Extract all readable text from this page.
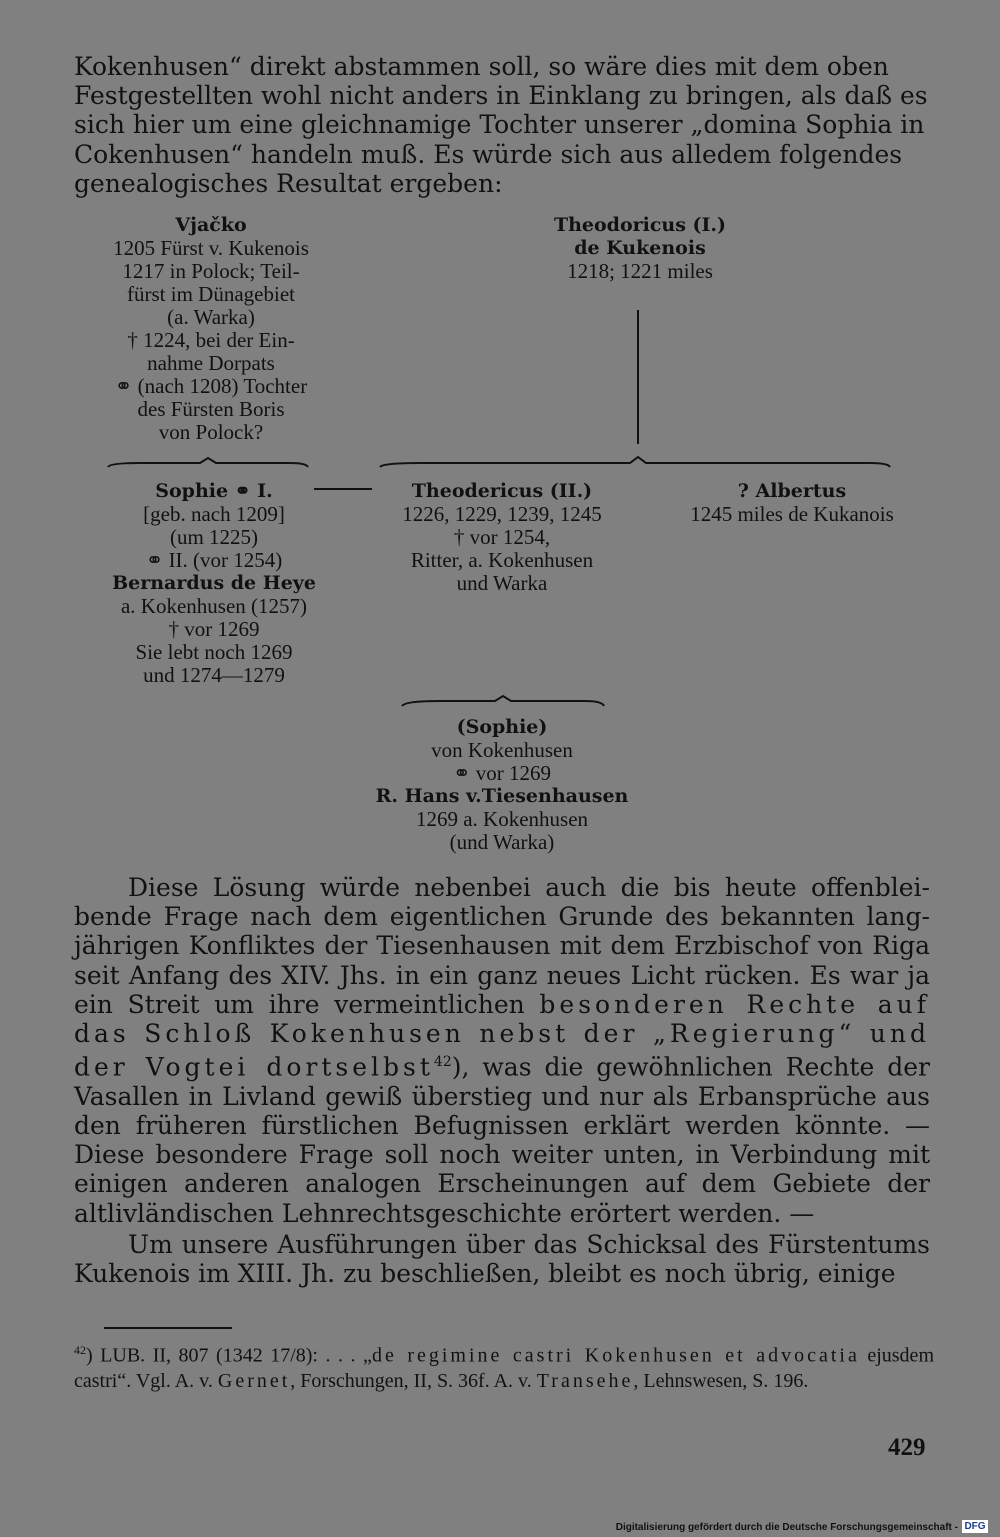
Kokenhusen“ direkt abstammen soll, so wäre dies mit dem oben
Festgestellten wohl nicht anders in Einklang zu bringen, als daß es
sich hier um eine gleichnamige Tochter unserer „domina Sophia in
Cokenhusen“ handeln muß. Es würde sich aus alledem folgendes
genealogisches Resultat ergeben:
Vjačko
1205 Fürst v. Kukenois
1217 in Polock; Teil-
fürst im Dünagebiet
(a. Warka)
† 1224, bei der Ein-
nahme Dorpats
⚭ (nach 1208) Tochter
des Fürsten Boris
von Polock?
Theodoricus (I.)
de Kukenois
1218; 1221 miles
Sophie ⚭ I.
[geb. nach 1209]
(um 1225)
⚭ II. (vor 1254)
Bernardus de Heye
a. Kokenhusen (1257)
† vor 1269
Sie lebt noch 1269
und 1274—1279
Theodericus (II.)
1226, 1229, 1239, 1245
† vor 1254,
Ritter, a. Kokenhusen
und Warka
? Albertus
1245 miles de Kukanois
(Sophie)
von Kokenhusen
⚭ vor 1269
R. Hans v.Tiesenhausen
1269 a. Kokenhusen
(und Warka)

Diese Lösung würde nebenbei auch die bis heute offenbleibende Frage nach dem eigentlichen Grunde des bekannten langjährigen Konfliktes der Tiesenhausen mit dem Erzbischof von Riga seit Anfang des XIV. Jhs. in ein ganz neues Licht rücken. Es war ja ein Streit um ihre vermeintlichen besonderen Rechte auf das Schloß Kokenhusen nebst der „Regierung“ und der Vogtei dortselbst$^{42}$), was die gewöhnlichen Rechte der Vasallen in Livland gewiß überstieg und nur als Erbansprüche aus den früheren fürstlichen Befugnissen erklärt werden könnte. — Diese besondere Frage soll noch weiter unten, in Verbindung mit einigen anderen analogen Erscheinungen auf dem Gebiete der altlivländischen Lehnrechtsgeschichte erörtert werden. —

Um unsere Ausführungen über das Schicksal des Fürstentums Kukenois im XIII. Jh. zu beschließen, bleibt es noch übrig, einige

$^{42}$) LUB. II, 807 (1342 17/8): . . . „de regimine castri Kokenhusen et advocatia ejusdem castri“. Vgl. A. v. Gernet, Forschungen, II, S. 36f. A. v. Transehe, Lehnswesen, S. 196.
429
Digitalisierung gefördert durch die Deutsche Forschungsgemeinschaft - DFG
